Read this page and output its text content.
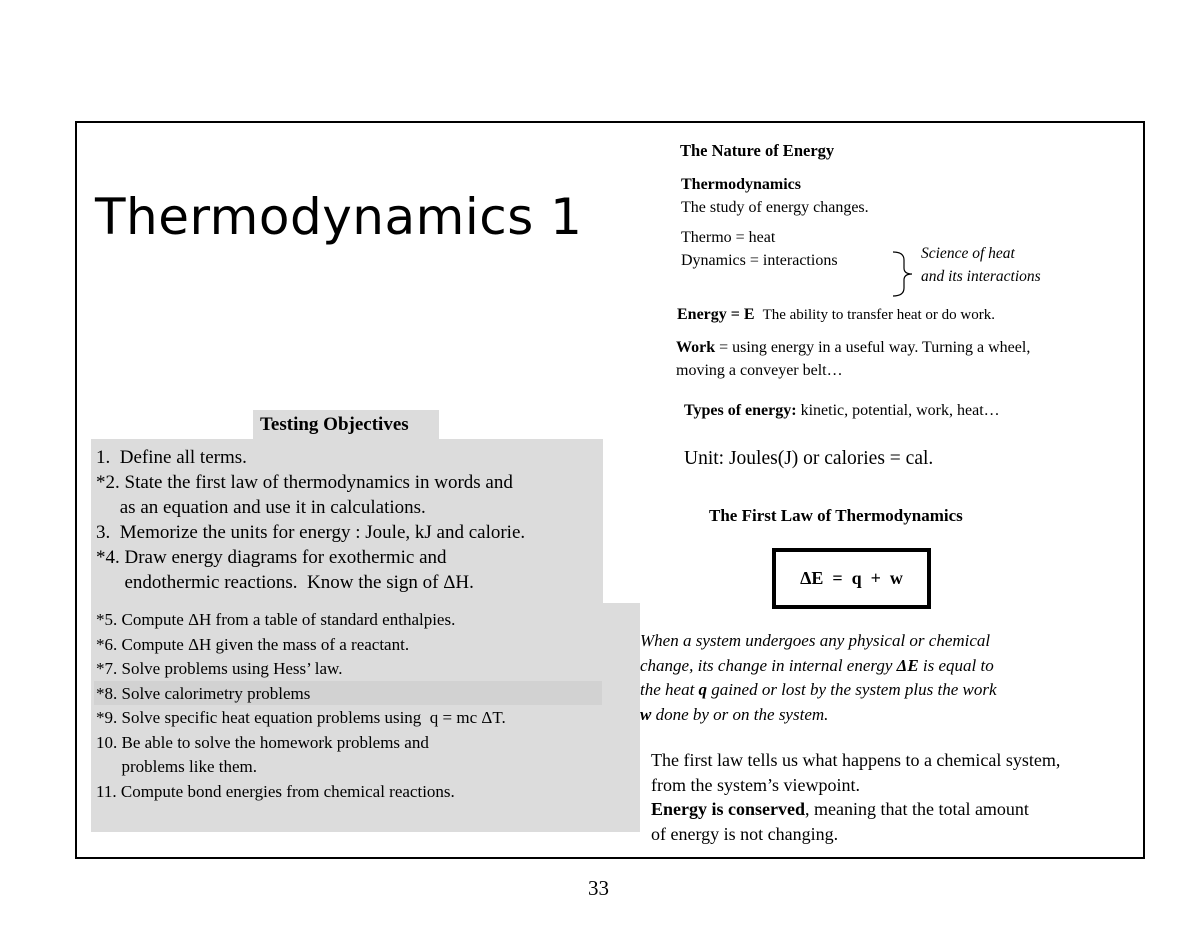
Thermodynamics 1
Testing Objectives
1.  Define all terms.
*2. State the first law of thermodynamics in words and
as an equation and use it in calculations.
3.  Memorize the units for energy : Joule, kJ and calorie.
*4. Draw energy diagrams for exothermic and
endothermic reactions.  Know the sign of ΔH.
*5. Compute ΔH from a table of standard enthalpies.
*6. Compute ΔH given the mass of a reactant.
*7. Solve problems using Hess’ law.
*8. Solve calorimetry problems
*9. Solve specific heat equation problems using  q = mc ΔT.
10. Be able to solve the homework problems and
problems like them.
11. Compute bond energies from chemical reactions.
The Nature of Energy
Thermodynamics
The study of energy changes.
Thermo = heat
Dynamics = interactions	Science of heat
and its interactions
Energy = E The ability to transfer heat or do work.
Work = using energy in a useful way. Turning a wheel,
moving a conveyer belt…
Types of energy: kinetic, potential, work, heat…
Unit: Joules(J) or calories = cal.
The First Law of Thermodynamics
ΔE  =  q  +  w
When a system undergoes any physical or chemical
change, its change in internal energy ΔE is equal to
the heat q gained or lost by the system plus the work
w done by or on the system.
The first law tells us what happens to a chemical system,
from the system’s viewpoint.
Energy is conserved, meaning that the total amount
of energy is not changing.
33
